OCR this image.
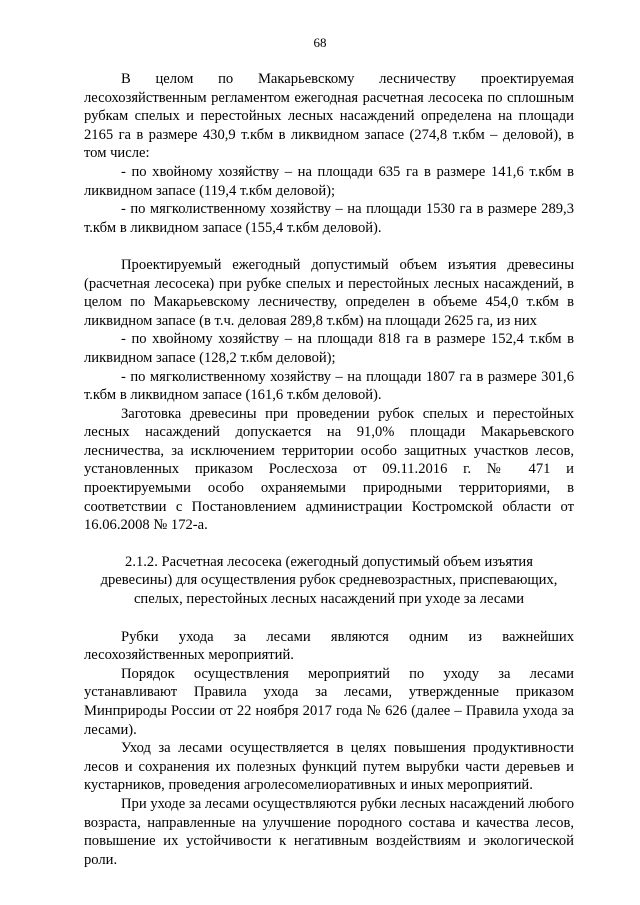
68

В целом по Макарьевскому лесничеству проектируемая лесохозяйственным регламентом ежегодная расчетная лесосека по сплошным рубкам спелых и перестойных лесных насаждений определена на площади 2165 га в размере 430,9 т.кбм в ликвидном запасе (274,8 т.кбм – деловой), в том числе:

- по хвойному хозяйству – на площади 635 га в размере 141,6 т.кбм в ликвидном запасе (119,4 т.кбм деловой);

- по мягколиственному хозяйству – на площади 1530 га в размере 289,3 т.кбм в ликвидном запасе (155,4 т.кбм деловой).

Проектируемый ежегодный допустимый объем изъятия древесины (расчетная лесосека) при рубке спелых и перестойных лесных насаждений, в целом по Макарьевскому лесничеству, определен в объеме 454,0 т.кбм в ликвидном запасе (в т.ч. деловая 289,8 т.кбм) на площади 2625 га, из них

- по хвойному хозяйству – на площади 818 га в размере 152,4 т.кбм в ликвидном запасе (128,2 т.кбм деловой);

- по мягколиственному хозяйству – на площади 1807 га в размере 301,6 т.кбм в ликвидном запасе (161,6 т.кбм деловой).

Заготовка древесины при проведении рубок спелых и перестойных лесных насаждений допускается на 91,0% площади Макарьевского лесничества, за исключением территории особо защитных участков лесов, установленных приказом Рослесхоза от 09.11.2016 г. № 471 и проектируемыми особо охраняемыми природными территориями, в соответствии с Постановлением администрации Костромской области от 16.06.2008 № 172-а.

2.1.2. Расчетная лесосека (ежегодный допустимый объем изъятия
древесины) для осуществления рубок средневозрастных, приспевающих,
спелых, перестойных лесных насаждений при уходе за лесами

Рубки ухода за лесами являются одним из важнейших лесохозяйственных мероприятий.

Порядок осуществления мероприятий по уходу за лесами устанавливают Правила ухода за лесами, утвержденные приказом Минприроды России от 22 ноября 2017 года № 626 (далее – Правила ухода за лесами).

Уход за лесами осуществляется в целях повышения продуктивности лесов и сохранения их полезных функций путем вырубки части деревьев и кустарников, проведения агролесомелиоративных и иных мероприятий.

При уходе за лесами осуществляются рубки лесных насаждений любого возраста, направленные на улучшение породного состава и качества лесов, повышение их устойчивости к негативным воздействиям и экологической роли.
